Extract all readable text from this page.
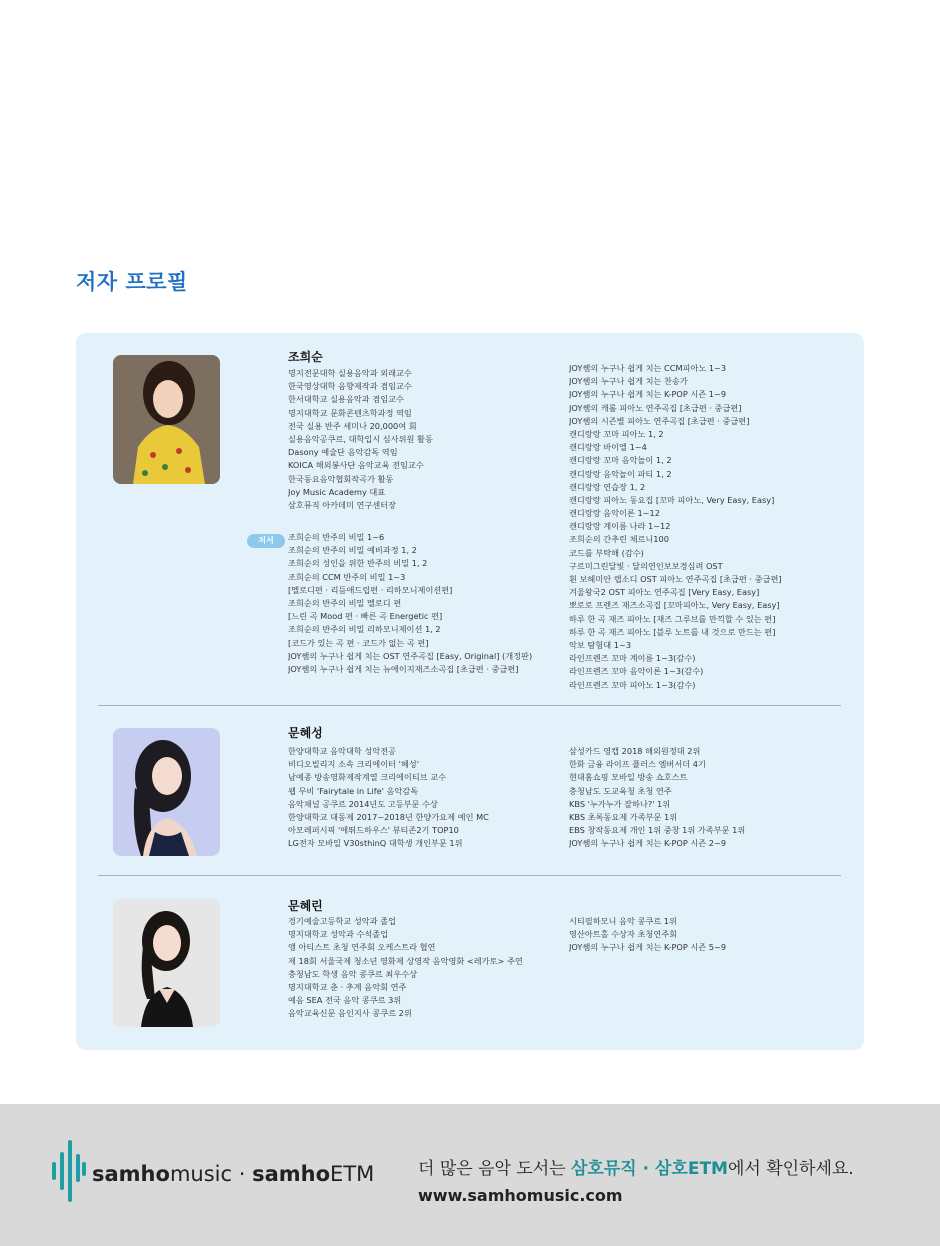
저자 프로필
조희순
명지전문대학 실용음악과 외래교수
한국영상대학 음향제작과 겸임교수
한서대학교 실용음악과 겸임교수
명지대학교 문화콘텐츠학과정 역임
전국 실용 반주 세미나 20,000여 회
실용음악공쿠르, 대학입시 심사위원 활동
Dasony 예술단 음악감독 역임
KOICA 해외봉사단 음악교육 전임교수
한국동요음악협회작곡가 활동
Joy Music Academy 대표
삼호뮤직 아카데미 연구센터장
저서	조희순의 반주의 비밀 1~6
조희순의 반주의 비밀 예비과정 1, 2
조희순의 성인을 위한 반주의 비밀 1, 2
조희순의 CCM 반주의 비밀 1~3
[멜로디편 · 리듬애드립편 · 리하모니제이션편]
조희순의 반주의 비밀 멜로디 편
[느린 곡 Mood 편 · 빠른 곡 Energetic 편]
조희순의 반주의 비밀 리하모니제이션 1, 2
[코드가 있는 곡 편 · 코드가 없는 곡 편]
JOY쌤의 누구나 쉽게 치는 OST 연주곡집 [Easy, Original] (개정판)
JOY쌤의 누구나 쉽게 치는 뉴에이지재즈소곡집 [초급편 · 중급편]
JOY쌤의 누구나 쉽게 치는 CCM피아노 1~3
JOY쌤의 누구나 쉽게 치는 찬송가
JOY쌤의 누구나 쉽게 치는 K-POP 시즌 1~9
JOY쌤의 캐롤 피아노 연주곡집 [초급편 · 중급편]
JOY쌤의 시즌별 피아노 연주곡집 [초급편 · 중급편]
캔디랑랑 꼬마 피아노 1, 2
캔디랑랑 바이엘 1~4
캔디랑랑 꼬마 음악놀이 1, 2
캔디랑랑 음악놀이 파티 1, 2
캔디랑랑 연습장 1, 2
캔디랑랑 피아노 동요집 [꼬마 피아노, Very Easy, Easy]
캔디랑랑 음악이론 1~12
캔디랑랑 계이름 나라 1~12
조희순의 간추린 체르니100
코드를 부탁해 (감수)
구르미그린달빛 · 달의연인보보경심려 OST
흰 보헤미안 랩소디 OST 피아노 연주곡집 [초급편 · 중급편]
겨울왕국2 OST 피아노 연주곡집 [Very Easy, Easy]
뽀로로 프렌즈 재즈소곡집 [꼬마피아노, Very Easy, Easy]
하루 한 곡 재즈 피아노 [재즈 그루브를 만끽할 수 있는 편]
하루 한 곡 재즈 피아노 [블루 노트를 내 것으로 만드는 편]
악보 탐험대 1~3
라인프렌즈 꼬마 계이름 1~3(감수)
라인프렌즈 꼬마 음악이론 1~3(감수)
라인프렌즈 꼬마 피아노 1~3(감수)
문혜성
한양대학교 음악대학 성악전공
비디오빌리지 소속 크리에이터 '혜성'
남예종 방송영화제작계열 크리에이티브 교수
웹 무비 'Fairytale in Life' 음악감독
음악채널 공쿠르 2014년도 고등부문 수상
한양대학교 대동제 2017~2018년 한양가요제 예인 MC
아모레퍼시픽 '에뛰드하우스' 뷰티존2기 TOP10
LG전자 모바일 V30sthinQ 대학생 개인부문 1위
삼성카드 영캡 2018 해외원정대 2위
한화 금융 라이프 플러스 엠버서더 4기
현대홈쇼핑 모바일 방송 쇼호스트
충청남도 도교육청 초청 연주
KBS '누가누가 잘하나?' 1위
KBS 초록동요제 가족부문 1위
EBS 창작동요제 개인 1위 중창 1위 가족부문 1위
JOY쌤의 누구나 쉽게 치는 K-POP 시즌 2~9
문혜린
경기예술고등학교 성악과 졸업
명지대학교 성악과 수석졸업
앵 아티스트 초청 연주회 오케스트라 협연
제 18회 서울국제 청소년 영화제 상영작 음악영화 <레가토> 주연
충청남도 학생 음악 콩쿠르 최우수상
명지대학교 춘 · 추계 음악회 연주
예음 SEA 전국 음악 콩쿠르 3위
음악교육신문 음인지사 콩쿠르 2위
시티필하모니 음악 콩쿠르 1위
영산아트홀 수상자 초청연주회
JOY쌤의 누구나 쉽게 치는 K-POP 시즌 5~9
samhomusic · samhoETM	더 많은 음악 도서는 삼호뮤직 · 삼호ETM에서 확인하세요.
www.samhomusic.com
